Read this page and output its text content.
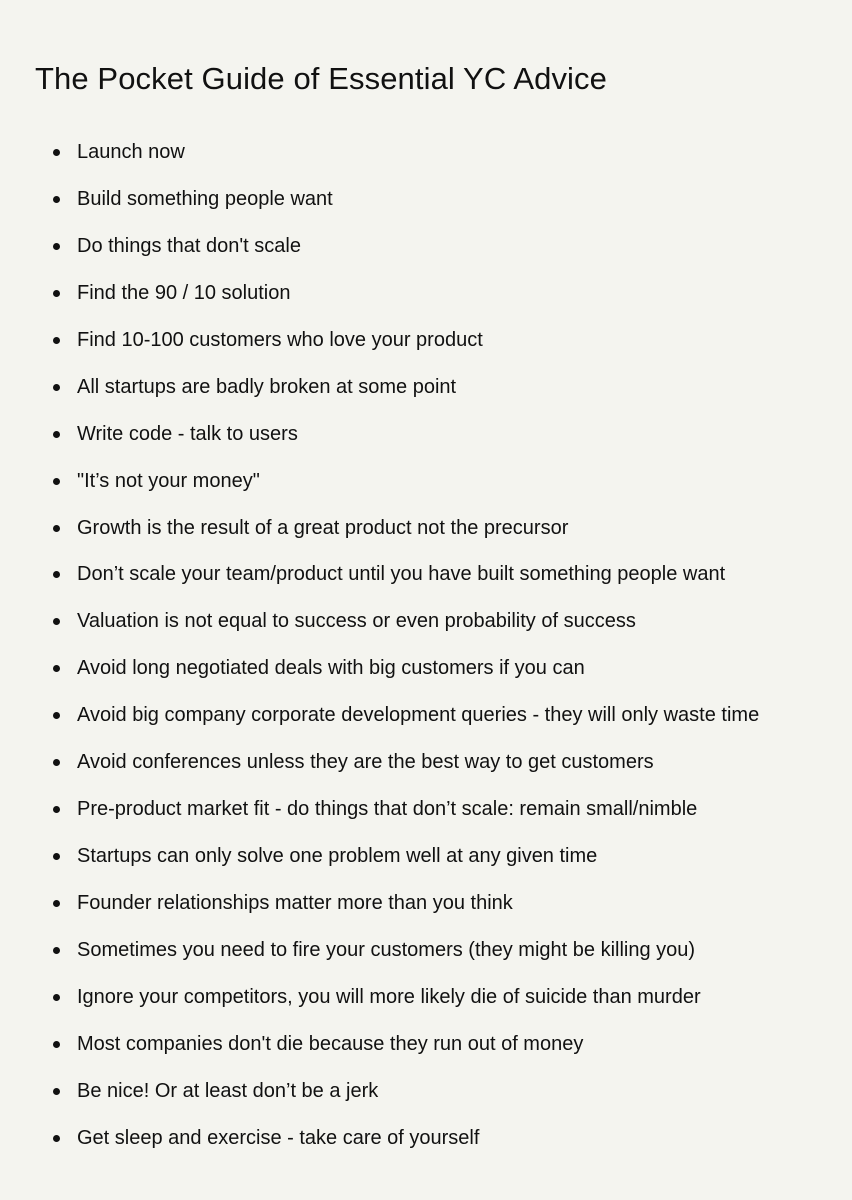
The Pocket Guide of Essential YC Advice
Launch now
Build something people want
Do things that don't scale
Find the 90 / 10 solution
Find 10-100 customers who love your product
All startups are badly broken at some point
Write code - talk to users
"It’s not your money"
Growth is the result of a great product not the precursor
Don’t scale your team/product until you have built something people want
Valuation is not equal to success or even probability of success
Avoid long negotiated deals with big customers if you can
Avoid big company corporate development queries - they will only waste time
Avoid conferences unless they are the best way to get customers
Pre-product market fit - do things that don’t scale: remain small/nimble
Startups can only solve one problem well at any given time
Founder relationships matter more than you think
Sometimes you need to fire your customers (they might be killing you)
Ignore your competitors, you will more likely die of suicide than murder
Most companies don't die because they run out of money
Be nice! Or at least don’t be a jerk
Get sleep and exercise - take care of yourself
